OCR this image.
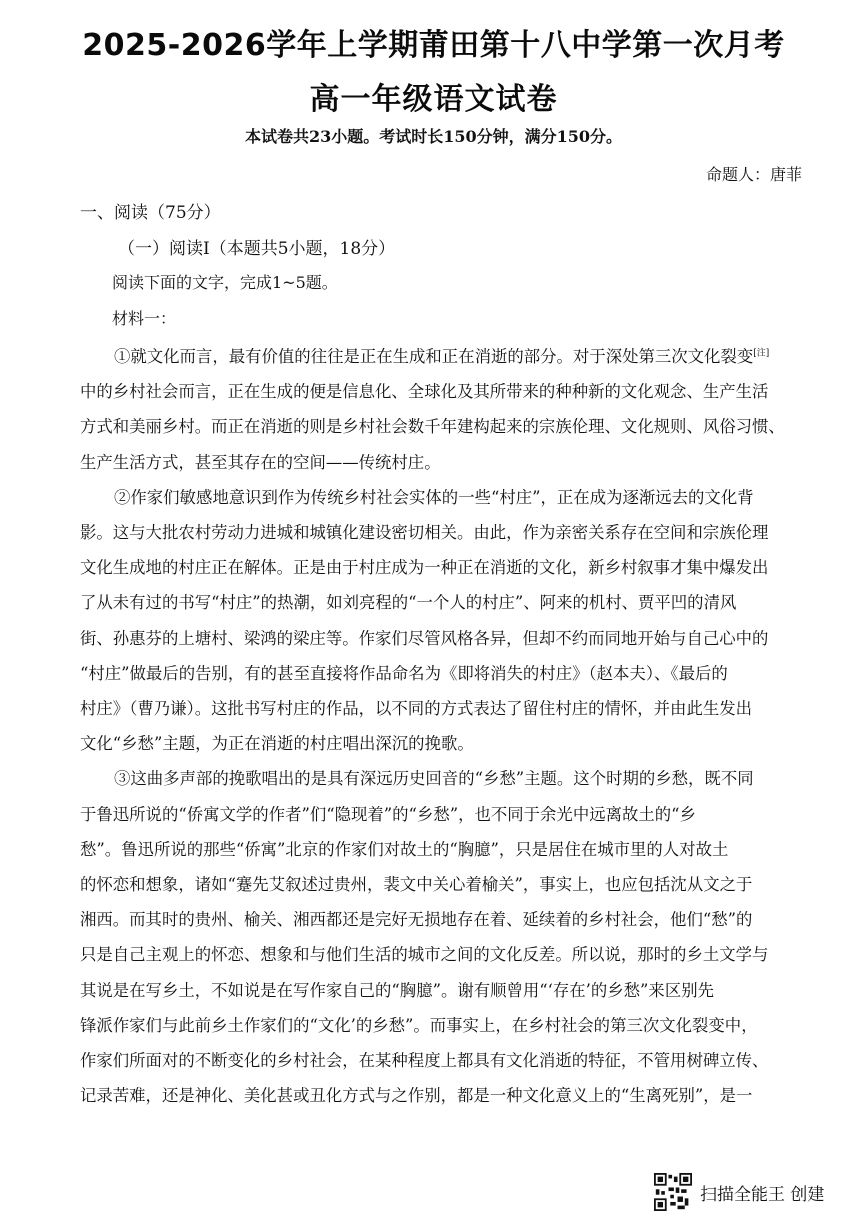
2025-2026学年上学期莆田第十八中学第一次月考
高一年级语文试卷
本试卷共23小题。考试时长150分钟，满分150分。
命题人：唐菲
一、阅读（75分）
（一）阅读Ⅰ（本题共5小题，18分）
阅读下面的文字，完成1~5题。
材料一：
①就文化而言，最有价值的往往是正在生成和正在消逝的部分。对于深处第三次文化裂变[注]
中的乡村社会而言，正在生成的便是信息化、全球化及其所带来的种种新的文化观念、生产生活
方式和美丽乡村。而正在消逝的则是乡村社会数千年建构起来的宗族伦理、文化规则、风俗习惯、
生产生活方式，甚至其存在的空间——传统村庄。
②作家们敏感地意识到作为传统乡村社会实体的一些“村庄”，正在成为逐渐远去的文化背
影。这与大批农村劳动力进城和城镇化建设密切相关。由此，作为亲密关系存在空间和宗族伦理
文化生成地的村庄正在解体。正是由于村庄成为一种正在消逝的文化，新乡村叙事才集中爆发出
了从未有过的书写“村庄”的热潮，如刘亮程的“一个人的村庄”、阿来的机村、贾平凹的清风
街、孙惠芬的上塘村、梁鸿的梁庄等。作家们尽管风格各异，但却不约而同地开始与自己心中的
“村庄”做最后的告别，有的甚至直接将作品命名为《即将消失的村庄》（赵本夫）、《最后的
村庄》（曹乃谦）。这批书写村庄的作品，以不同的方式表达了留住村庄的情怀，并由此生发出
文化“乡愁”主题，为正在消逝的村庄唱出深沉的挽歌。
③这曲多声部的挽歌唱出的是具有深远历史回音的“乡愁”主题。这个时期的乡愁，既不同
于鲁迅所说的“侨寓文学的作者”们“隐现着”的“乡愁”，也不同于余光中远离故土的“乡
愁”。鲁迅所说的那些“侨寓”北京的作家们对故土的“胸臆”，只是居住在城市里的人对故土
的怀恋和想象，诸如“蹇先艾叙述过贵州，裴文中关心着榆关”，事实上，也应包括沈从文之于
湘西。而其时的贵州、榆关、湘西都还是完好无损地存在着、延续着的乡村社会，他们“愁”的
只是自己主观上的怀恋、想象和与他们生活的城市之间的文化反差。所以说，那时的乡土文学与
其说是在写乡土，不如说是在写作家自己的“胸臆”。谢有顺曾用“‘存在’的乡愁”来区别先
锋派作家们与此前乡土作家们的“文化’的乡愁”。而事实上，在乡村社会的第三次文化裂变中，
作家们所面对的不断变化的乡村社会，在某种程度上都具有文化消逝的特征，不管用树碑立传、
记录苦难，还是神化、美化甚或丑化方式与之作别，都是一种文化意义上的“生离死别”，是一
扫描全能王 创建
